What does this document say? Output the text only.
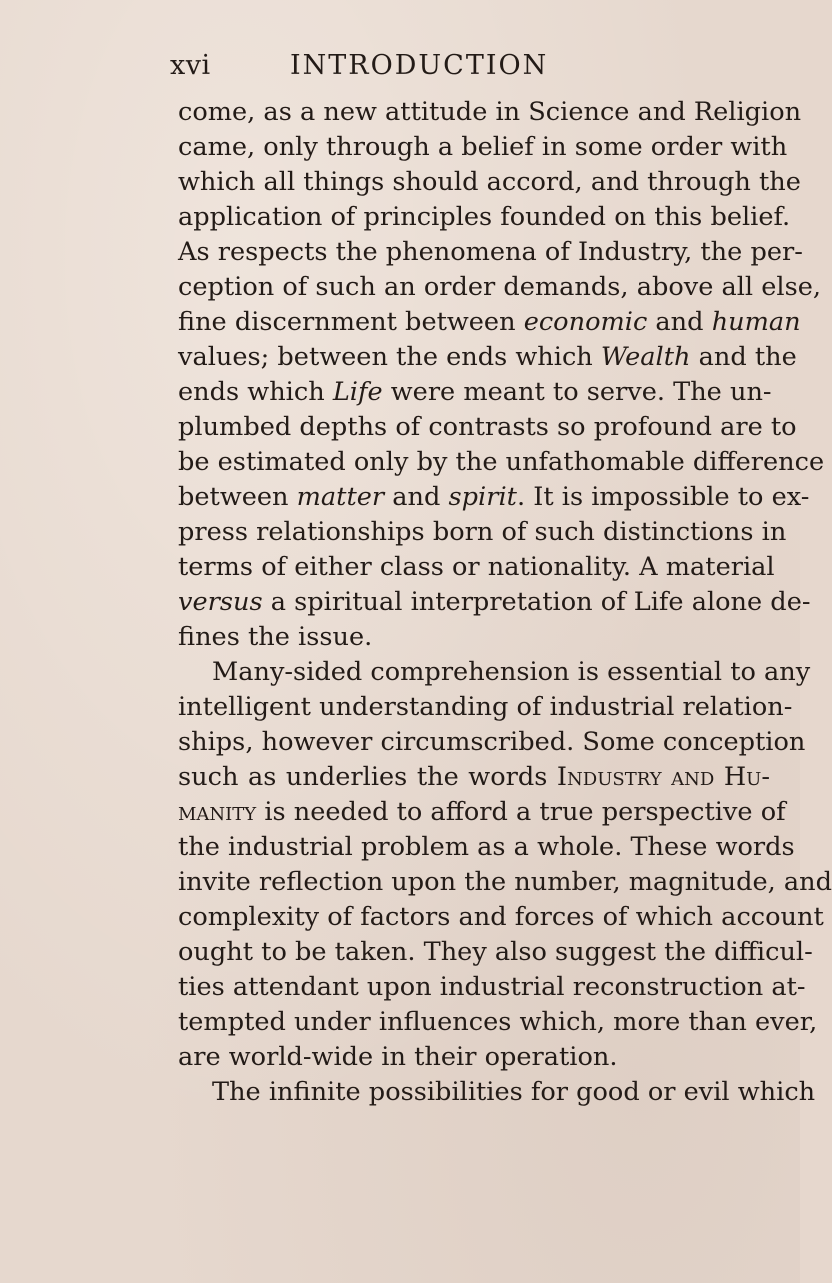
xvi	INTRODUCTION
come, as a new attitude in Science and Religion
came, only through a belief in some order with
which all things should accord, and through the
application of principles founded on this belief.
As respects the phenomena of Industry, the per-
ception of such an order demands, above all else,
fine discernment between economic and human
values; between the ends which Wealth and the
ends which Life were meant to serve. The un-
plumbed depths of contrasts so profound are to
be estimated only by the unfathomable difference
between matter and spirit. It is impossible to ex-
press relationships born of such distinctions in
terms of either class or nationality. A material
versus a spiritual interpretation of Life alone de-
fines the issue.
Many-sided comprehension is essential to any
intelligent understanding of industrial relation-
ships, however circumscribed. Some conception
such as underlies the words Industry and Hu-
manity is needed to afford a true perspective of
the industrial problem as a whole. These words
invite reflection upon the number, magnitude, and
complexity of factors and forces of which account
ought to be taken. They also suggest the difficul-
ties attendant upon industrial reconstruction at-
tempted under influences which, more than ever,
are world-wide in their operation.
The infinite possibilities for good or evil which
